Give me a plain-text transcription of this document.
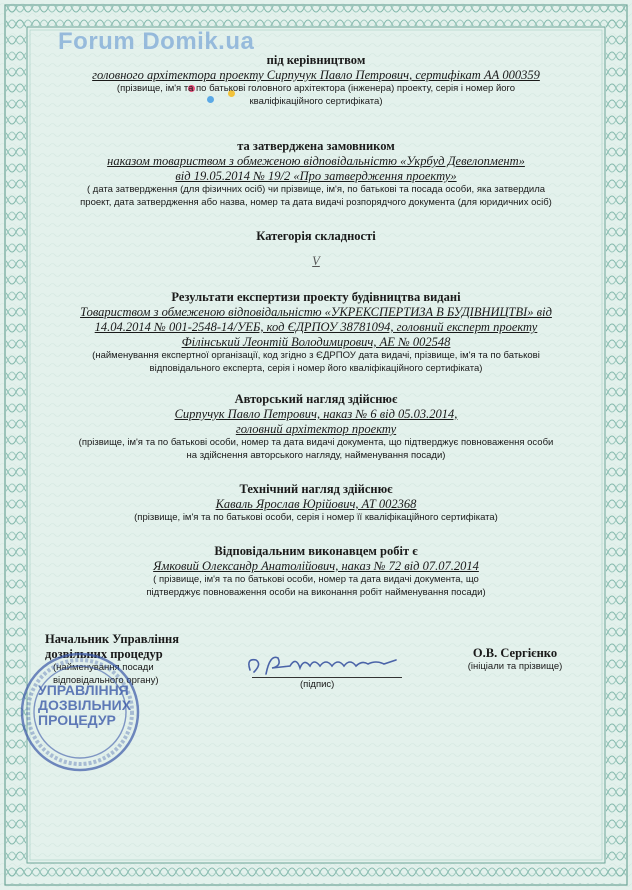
Forum Domik.ua
під керівництвом
головного архітектора проекту Сирпучук Павло Петрович, сертифікат АА 000359
(прізвище, ім'я та по батькові головного архітектора (інженера) проекту, серія і номер його
кваліфікаційного сертифіката)
та затверджена замовником
наказом товариством з обмеженою відповідальністю «Укрбуд Девелопмент»
від 19.05.2014 № 19/2 «Про затвердження проекту»
( дата затвердження (для фізичних осіб) чи прізвище, ім'я, по батькові та посада особи, яка затвердила
проект, дата затвердження або назва, номер та дата видачі розпорядчого документа (для юридичних осіб)
Категорія складності
V
Результати експертизи проекту будівництва видані
Товариством з обмеженою відповідальністю «УКРЕКСПЕРТИЗА В БУДІВНИЦТВІ» від
14.04.2014 № 001-2548-14/УЕБ, код ЄДРПОУ 38781094, головний експерт проекту
Філінський Леонтій Володимирович, АЕ № 002548
(найменування експертної організації, код згідно з ЄДРПОУ дата видачі, прізвище, ім'я та по батькові
відповідального експерта, серія і номер його кваліфікаційного сертифіката)
Авторський нагляд здійснює
Сирпучук Павло Петрович, наказ № 6 від 05.03.2014,
головний архітектор проекту
(прізвище, ім'я та по батькові особи, номер та дата видачі документа, що підтверджує повноваження особи
на здійснення авторського нагляду, найменування посади)
Технічний нагляд здійснює
Каваль Ярослав Юрійович, АТ 002368
(прізвище, ім'я та по батькові особи, серія і номер її кваліфікаційного сертифіката)
Відповідальним виконавцем робіт є
Ямковий Олександр Анатолійович, наказ № 72 від 07.07.2014
( прізвище, ім'я та по батькові особи, номер та дата видачі документа, що
підтверджує повноваження особи на виконання робіт найменування посади)
Начальник Управління
дозвільних процедур
(найменування посади
відповідального органу)
УПРАВЛІННЯ
ДОЗВІЛЬНИХ
ПРОЦЕДУР
(підпис)
О.В. Сергієнко
(ініціали та прізвище)
